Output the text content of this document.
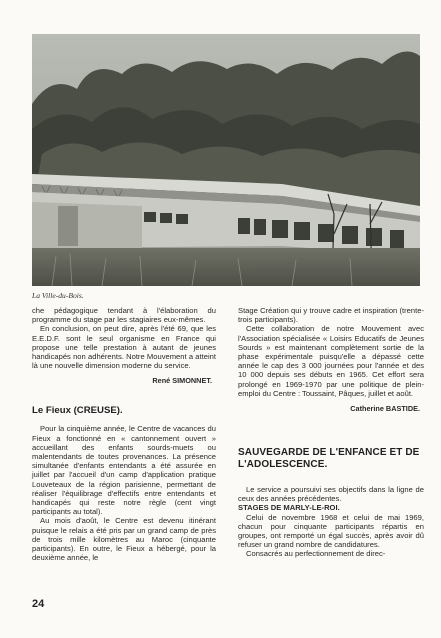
La Ville-du-Bois.

che pédagogique tendant à l'élaboration du programme du stage par les stagiaires eux-mêmes.

En conclusion, on peut dire, après l'été 69, que les E.E.D.F. sont le seul organisme en France qui propose une telle prestation à autant de jeunes handicapés non adhérents. Notre Mouvement a atteint là une nouvelle dimension moderne du service.

René SIMONNET.
Le Fieux (CREUSE).

Pour la cinquième année, le Centre de vacances du Fieux a fonctionné en « cantonnement ouvert » accueillant des enfants sourds-muets ou malentendants de toutes provenances. La présence simultanée d'enfants entendants a été assurée en juillet par l'accueil d'un camp d'application pratique Louveteaux de la région parisienne, permettant de réaliser l'équilibrage d'effectifs entre entendants et handicapés qui reste notre règle (cent vingt participants au total).

Au mois d'août, le Centre est devenu itinérant puisque le relais a été pris par un grand camp de près de trois mille kilomètres au Maroc (cinquante participants). En outre, le Fieux a hébergé, pour la deuxième année, le

Stage Création qui y trouve cadre et inspiration (trente-trois participants).

Cette collaboration de notre Mouvement avec l'Association spécialisée « Loisirs Educatifs de Jeunes Sourds » est maintenant complètement sortie de la phase expérimentale puisqu'elle a dépassé cette année le cap des 3 000 journées pour l'année et des 10 000 depuis ses débuts en 1965. Cet effort sera prolongé en 1969-1970 par une politique de plein-emploi du Centre : Toussaint, Pâques, juillet et août.

Catherine BASTIDE.
SAUVEGARDE DE L'ENFANCE ET DE L'ADOLESCENCE.

Le service a poursuivi ses objectifs dans la ligne de ceux des années précédentes.

STAGES DE MARLY-LE-ROI.

Celui de novembre 1968 et celui de mai 1969, chacun pour cinquante participants répartis en groupes, ont remporté un égal succès, après avoir dû refuser un grand nombre de candidatures.

Consacrés au perfectionnement de direc-

24
